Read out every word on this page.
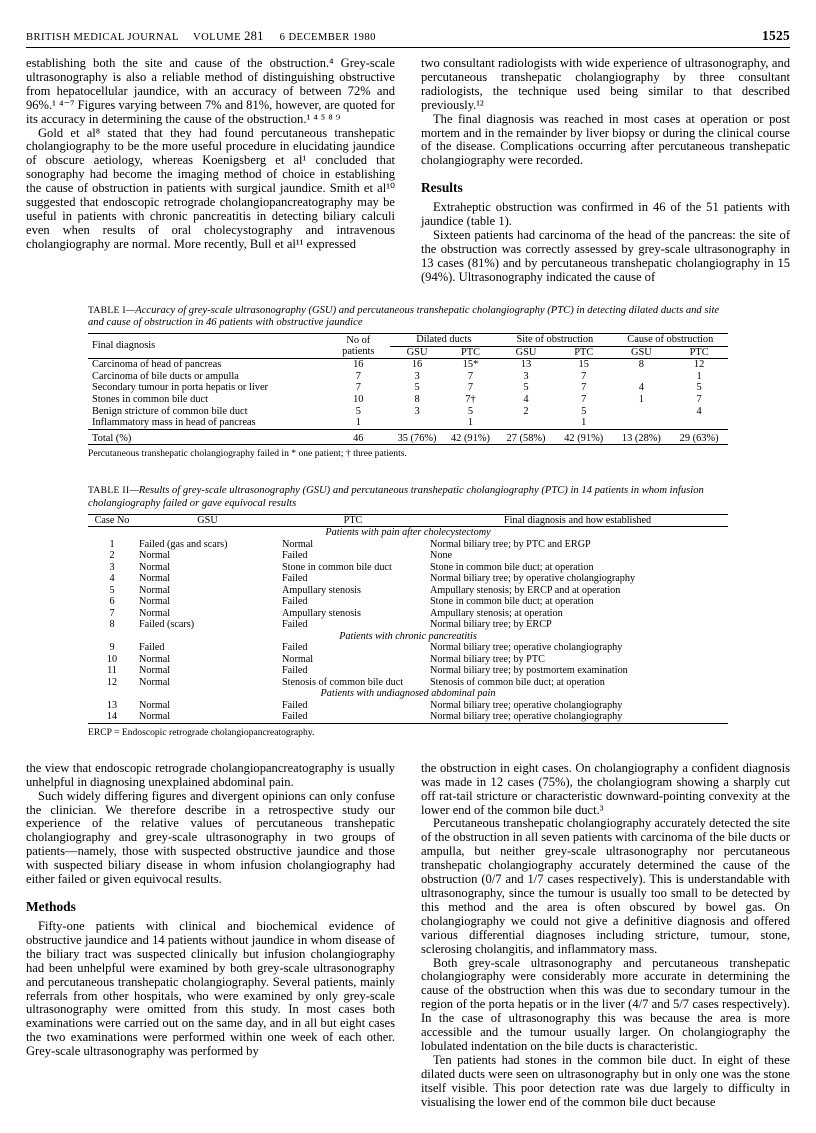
BRITISH MEDICAL JOURNAL VOLUME 281 6 DECEMBER 1980	1525

establishing both the site and cause of the obstruction.⁴ Grey-scale ultrasonography is also a reliable method of distinguishing obstructive from hepatocellular jaundice, with an accuracy of between 72% and 96%.¹ ⁴⁻⁷ Figures varying between 7% and 81%, however, are quoted for its accuracy in determining the cause of the obstruction.¹ ⁴ ⁵ ⁸ ⁹

Gold et al⁸ stated that they had found percutaneous transhepatic cholangiography to be the more useful procedure in elucidating jaundice of obscure aetiology, whereas Koenigsberg et al¹ concluded that sonography had become the imaging method of choice in establishing the cause of obstruction in patients with surgical jaundice. Smith et al¹⁰ suggested that endoscopic retrograde cholangiopancreatography may be useful in patients with chronic pancreatitis in detecting biliary calculi even when results of oral cholecystography and intravenous cholangiography are normal. More recently, Bull et al¹¹ expressed

two consultant radiologists with wide experience of ultrasonography, and percutaneous transhepatic cholangiography by three consultant radiologists, the technique used being similar to that described previously.¹²

The final diagnosis was reached in most cases at operation or post mortem and in the remainder by liver biopsy or during the clinical course of the disease. Complications occurring after percutaneous transhepatic cholangiography were recorded.

Results

Extraheptic obstruction was confirmed in 46 of the 51 patients with jaundice (table 1).

Sixteen patients had carcinoma of the head of the pancreas: the site of the obstruction was correctly assessed by grey-scale ultrasonography in 13 cases (81%) and by percutaneous transhepatic cholangiography in 15 (94%). Ultrasonography indicated the cause of

TABLE I—Accuracy of grey-scale ultrasonography (GSU) and percutaneous transhepatic cholangiography (PTC) in detecting dilated ducts and site and cause of obstruction in 46 patients with obstructive jaundice
Final diagnosis	No of patients	Dilated ducts		Site of obstruction		Cause of obstruction	
		GSU	PTC	GSU	PTC	GSU	PTC
Carcinoma of head of pancreas	16	16	15*	13	15	8	12
Carcinoma of bile ducts or ampulla	7	3	7	3	7		1
Secondary tumour in porta hepatis or liver	7	5	7	5	7	4	5
Stones in common bile duct	10	8	7†	4	7	1	7
Benign stricture of common bile duct	5	3	5	2	5		4
Inflammatory mass in head of pancreas	1		1		1		
Total (%)	46	35 (76%)	42 (91%)	27 (58%)	42 (91%)	13 (28%)	29 (63%)
Percutaneous transhepatic cholangiography failed in * one patient; † three patients.
TABLE II—Results of grey-scale ultrasonography (GSU) and percutaneous transhepatic cholangiography (PTC) in 14 patients in whom infusion cholangiography failed or gave equivocal results
Case No	GSU	PTC	Final diagnosis and how established
Patients with pain after cholecystectomy			
1	Failed (gas and scars)	Normal	Normal biliary tree; by PTC and ERGP
2	Normal	Failed	None
3	Normal	Stone in common bile duct	Stone in common bile duct; at operation
4	Normal	Failed	Normal biliary tree; by operative cholangiography
5	Normal	Ampullary stenosis	Ampullary stenosis; by ERCP and at operation
6	Normal	Failed	Stone in common bile duct; at operation
7	Normal	Ampullary stenosis	Ampullary stenosis; at operation
8	Failed (scars)	Failed	Normal biliary tree; by ERCP
Patients with chronic pancreatitis			
9	Failed	Failed	Normal biliary tree; operative cholangiography
10	Normal	Normal	Normal biliary tree; by PTC
11	Normal	Failed	Normal biliary tree; by postmortem examination
12	Normal	Stenosis of common bile duct	Stenosis of common bile duct; at operation
Patients with undiagnosed abdominal pain			
13	Normal	Failed	Normal biliary tree; operative cholangiography
14	Normal	Failed	Normal biliary tree; operative cholangiography
ERCP = Endoscopic retrograde cholangiopancreatography.

the view that endoscopic retrograde cholangiopancreatography is usually unhelpful in diagnosing unexplained abdominal pain.

Such widely differing figures and divergent opinions can only confuse the clinician. We therefore describe in a retrospective study our experience of the relative values of percutaneous transhepatic cholangiography and grey-scale ultrasonography in two groups of patients—namely, those with suspected obstructive jaundice and those with suspected biliary disease in whom infusion cholangiography had either failed or given equivocal results.

Methods

Fifty-one patients with clinical and biochemical evidence of obstructive jaundice and 14 patients without jaundice in whom disease of the biliary tract was suspected clinically but infusion cholangiography had been unhelpful were examined by both grey-scale ultrasonography and percutaneous transhepatic cholangiography. Several patients, mainly referrals from other hospitals, who were examined by only grey-scale ultrasonography were omitted from this study. In most cases both examinations were carried out on the same day, and in all but eight cases the two examinations were performed within one week of each other. Grey-scale ultrasonography was performed by

the obstruction in eight cases. On cholangiography a confident diagnosis was made in 12 cases (75%), the cholangiogram showing a sharply cut off rat-tail stricture or characteristic downward-pointing convexity at the lower end of the common bile duct.³

Percutaneous transhepatic cholangiography accurately detected the site of the obstruction in all seven patients with carcinoma of the bile ducts or ampulla, but neither grey-scale ultrasonography nor percutaneous transhepatic cholangiography accurately determined the cause of the obstruction (0/7 and 1/7 cases respectively). This is understandable with ultrasonography, since the tumour is usually too small to be detected by this method and the area is often obscured by bowel gas. On cholangiography we could not give a definitive diagnosis and offered various differential diagnoses including stricture, tumour, stone, sclerosing cholangitis, and inflammatory mass.

Both grey-scale ultrasonography and percutaneous transhepatic cholangiography were considerably more accurate in determining the cause of the obstruction when this was due to secondary tumour in the region of the porta hepatis or in the liver (4/7 and 5/7 cases respectively). In the case of ultrasonography this was because the area is more accessible and the tumour usually larger. On cholangiography the lobulated indentation on the bile ducts is characteristic.

Ten patients had stones in the common bile duct. In eight of these dilated ducts were seen on ultrasonography but in only one was the stone itself visible. This poor detection rate was due largely to difficulty in visualising the lower end of the common bile duct because
